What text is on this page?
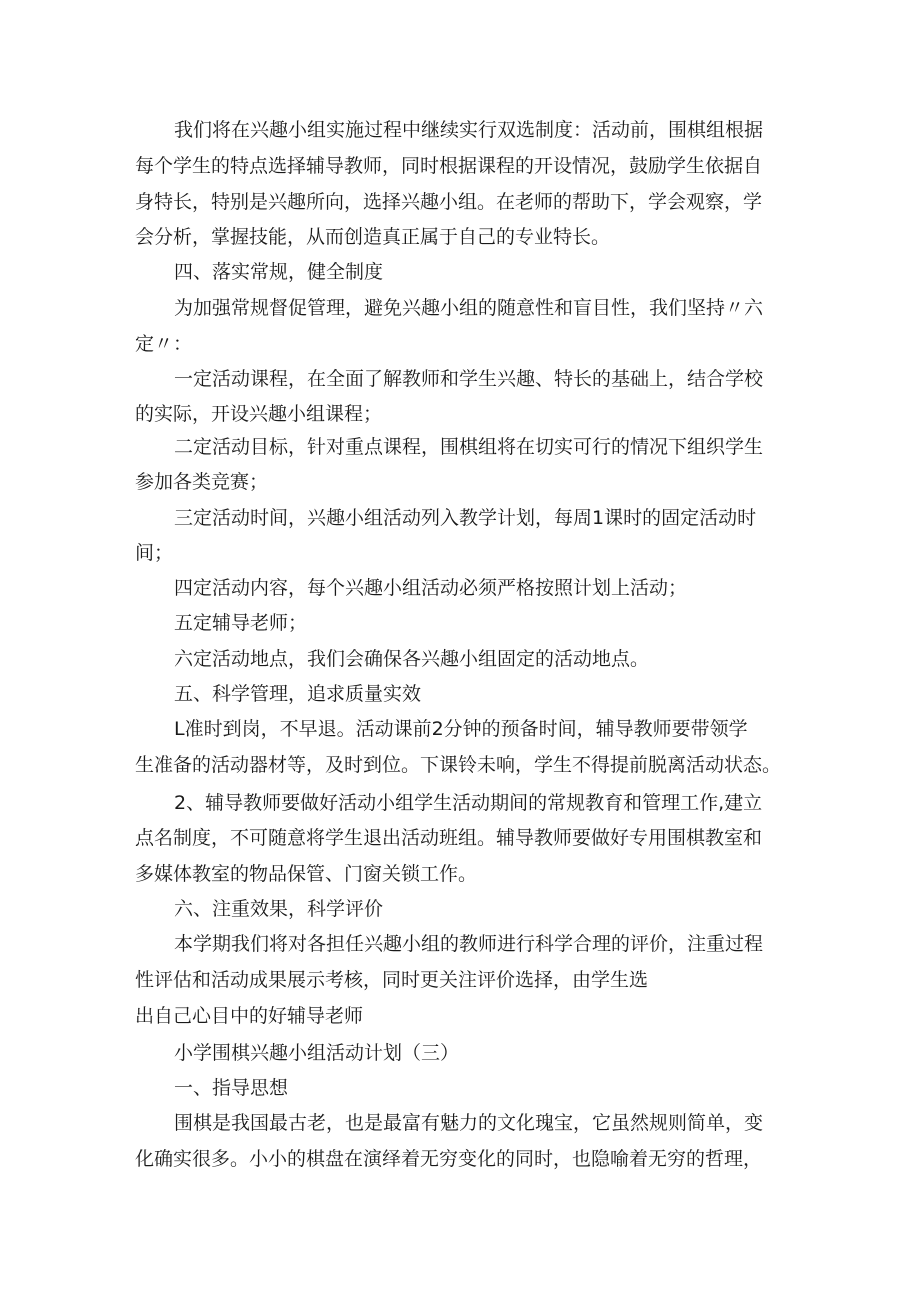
我们将在兴趣小组实施过程中继续实行双选制度：活动前，围棋组根据
每个学生的特点选择辅导教师，同时根据课程的开设情况，鼓励学生依据自
身特长，特别是兴趣所向，选择兴趣小组。在老师的帮助下，学会观察，学
会分析，掌握技能，从而创造真正属于自己的专业特长。
四、落实常规，健全制度
为加强常规督促管理，避免兴趣小组的随意性和盲目性，我们坚持〃六
定〃：
一定活动课程，在全面了解教师和学生兴趣、特长的基础上，结合学校
的实际，开设兴趣小组课程；
二定活动目标，针对重点课程，围棋组将在切实可行的情况下组织学生
参加各类竞赛；
三定活动时间，兴趣小组活动列入教学计划，每周1课时的固定活动时
间；
四定活动内容，每个兴趣小组活动必须严格按照计划上活动；
五定辅导老师；
六定活动地点，我们会确保各兴趣小组固定的活动地点。
五、科学管理，追求质量实效
L准时到岗，不早退。活动课前2分钟的预备时间，辅导教师要带领学
生准备的活动器材等，及时到位。下课铃未响，学生不得提前脱离活动状态。
2、辅导教师要做好活动小组学生活动期间的常规教育和管理工作,建立
点名制度，不可随意将学生退出活动班组。辅导教师要做好专用围棋教室和
多媒体教室的物品保管、门窗关锁工作。
六、注重效果，科学评价
本学期我们将对各担任兴趣小组的教师进行科学合理的评价，注重过程
性评估和活动成果展示考核，同时更关注评价选择，由学生选
出自己心目中的好辅导老师
小学围棋兴趣小组活动计划（三）
一、指导思想
围棋是我国最古老，也是最富有魅力的文化瑰宝，它虽然规则简单，变
化确实很多。小小的棋盘在演绎着无穷变化的同时，也隐喻着无穷的哲理，
